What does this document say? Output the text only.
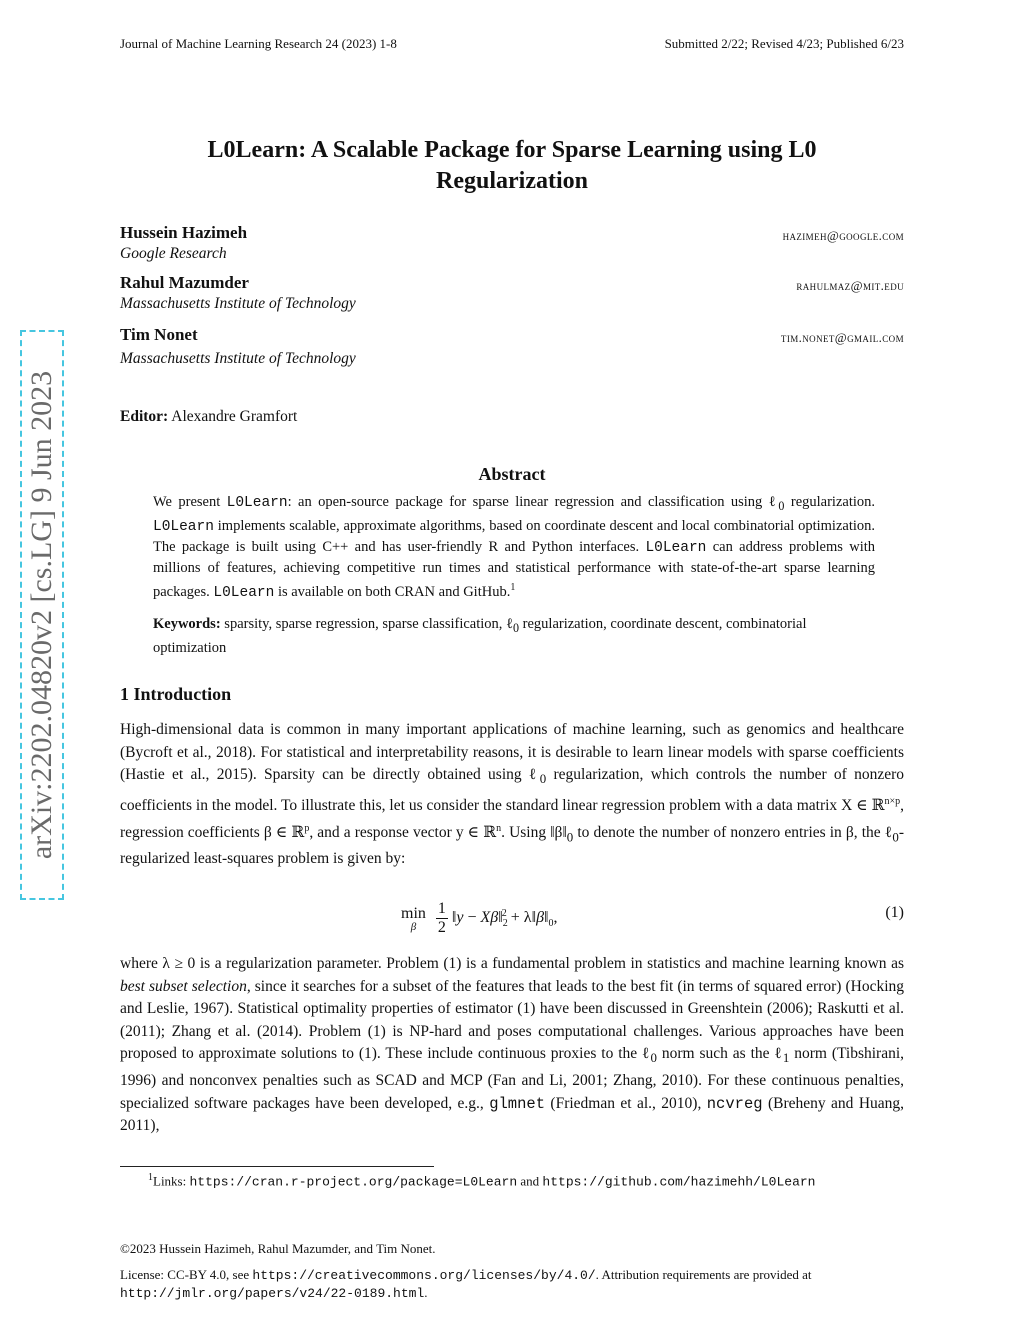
Journal of Machine Learning Research 24 (2023) 1-8	Submitted 2/22; Revised 4/23; Published 6/23
L0Learn: A Scalable Package for Sparse Learning using L0
Regularization
Hussein Hazimeh
Google Research
hazimeh@google.com
Rahul Mazumder
Massachusetts Institute of Technology
rahulmaz@mit.edu
Tim Nonet
Massachusetts Institute of Technology
tim.nonet@gmail.com
Editor: Alexandre Gramfort
Abstract
We present L0Learn: an open-source package for sparse linear regression and classification using ℓ$_0$ regularization. L0Learn implements scalable, approximate algorithms, based on coordinate descent and local combinatorial optimization. The package is built using C++ and has user-friendly R and Python interfaces. L0Learn can address problems with millions of features, achieving competitive run times and statistical performance with state-of-the-art sparse learning packages. L0Learn is available on both CRAN and GitHub.$^1$
Keywords: sparsity, sparse regression, sparse classification, ℓ$_0$ regularization, coordinate descent, combinatorial optimization
1 Introduction
High-dimensional data is common in many important applications of machine learning, such as genomics and healthcare (Bycroft et al., 2018). For statistical and interpretability reasons, it is desirable to learn linear models with sparse coefficients (Hastie et al., 2015). Sparsity can be directly obtained using ℓ$_0$ regularization, which controls the number of nonzero coefficients in the model. To illustrate this, let us consider the standard linear regression problem with a data matrix X ∈ ℝ$^{n\times p}$, regression coefficients β ∈ ℝ$^p$, and a response vector y ∈ ℝ$^n$. Using $‖\beta‖_0$ to denote the number of nonzero entries in β, the ℓ$_0$-regularized least-squares problem is given by:
min
β
	$\frac{1}{2}$ ‖y − $X\beta‖_2^2$ + $\lambda‖\beta‖_0$,	(1)
where λ ≥ 0 is a regularization parameter. Problem (1) is a fundamental problem in statistics and machine learning known as best subset selection, since it searches for a subset of the features that leads to the best fit (in terms of squared error) (Hocking and Leslie, 1967). Statistical optimality properties of estimator (1) have been discussed in Greenshtein (2006); Raskutti et al. (2011); Zhang et al. (2014). Problem (1) is NP-hard and poses computational challenges. Various approaches have been proposed to approximate solutions to (1). These include continuous proxies to the ℓ$_0$ norm such as the ℓ$_1$ norm (Tibshirani, 1996) and nonconvex penalties such as SCAD and MCP (Fan and Li, 2001; Zhang, 2010). For these continuous penalties, specialized software packages have been developed, e.g., glmnet (Friedman et al., 2010), ncvreg (Breheny and Huang, 2011),
$^1$Links: https://cran.r-project.org/package=L0Learn and https://github.com/hazimehh/L0Learn
©2023 Hussein Hazimeh, Rahul Mazumder, and Tim Nonet.
License: CC-BY 4.0, see https://creativecommons.org/licenses/by/4.0/. Attribution requirements are provided at
http://jmlr.org/papers/v24/22-0189.html.
arXiv:2202.04820v2 [cs.LG] 9 Jun 2023
